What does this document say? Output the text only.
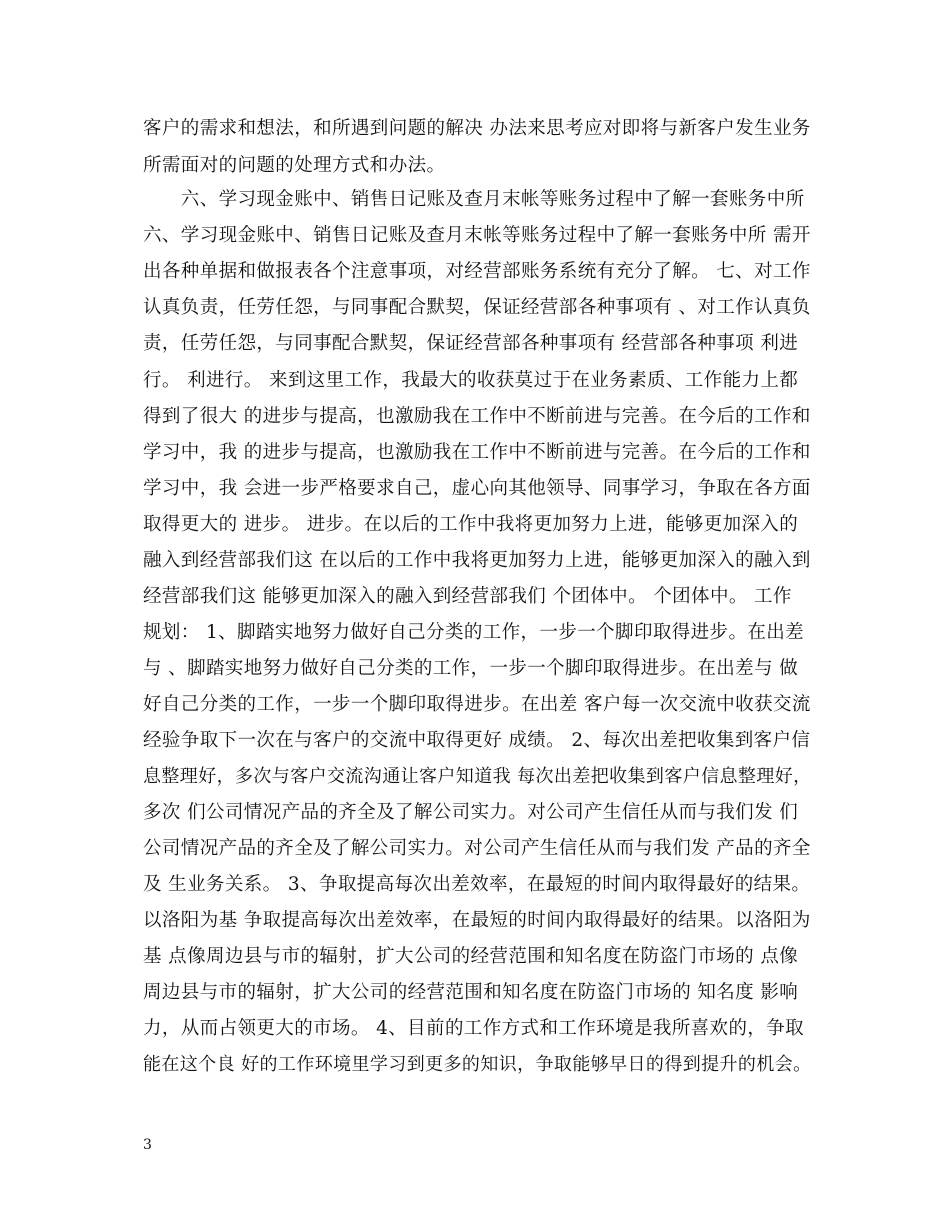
客户的需求和想法，和所遇到问题的解决 办法来思考应对即将与新客户发生业务
所需面对的问题的处理方式和办法。
　　六、学习现金账中、销售日记账及查月末帐等账务过程中了解一套账务中所
六、学习现金账中、销售日记账及查月末帐等账务过程中了解一套账务中所 需开
出各种单据和做报表各个注意事项，对经营部账务系统有充分了解。 七、对工作
认真负责，任劳任怨，与同事配合默契，保证经营部各种事项有 、对工作认真负
责，任劳任怨，与同事配合默契，保证经营部各种事项有 经营部各种事项 利进
行。 利进行。 来到这里工作，我最大的收获莫过于在业务素质、工作能力上都
得到了很大 的进步与提高，也激励我在工作中不断前进与完善。在今后的工作和
学习中，我 的进步与提高，也激励我在工作中不断前进与完善。在今后的工作和
学习中，我 会进一步严格要求自己，虚心向其他领导、同事学习，争取在各方面
取得更大的 进步。 进步。在以后的工作中我将更加努力上进，能够更加深入的
融入到经营部我们这 在以后的工作中我将更加努力上进，能够更加深入的融入到
经营部我们这 能够更加深入的融入到经营部我们 个团体中。 个团体中。 工作
规划： 1、脚踏实地努力做好自己分类的工作，一步一个脚印取得进步。在出差
与 、脚踏实地努力做好自己分类的工作，一步一个脚印取得进步。在出差与 做
好自己分类的工作，一步一个脚印取得进步。在出差 客户每一次交流中收获交流
经验争取下一次在与客户的交流中取得更好 成绩。 2、每次出差把收集到客户信
息整理好，多次与客户交流沟通让客户知道我 每次出差把收集到客户信息整理好，
多次 们公司情况产品的齐全及了解公司实力。对公司产生信任从而与我们发 们
公司情况产品的齐全及了解公司实力。对公司产生信任从而与我们发 产品的齐全
及 生业务关系。 3、争取提高每次出差效率，在最短的时间内取得最好的结果。
以洛阳为基 争取提高每次出差效率，在最短的时间内取得最好的结果。以洛阳为
基 点像周边县与市的辐射，扩大公司的经营范围和知名度在防盗门市场的 点像
周边县与市的辐射，扩大公司的经营范围和知名度在防盗门市场的 知名度 影响
力，从而占领更大的市场。 4、目前的工作方式和工作环境是我所喜欢的，争取
能在这个良 好的工作环境里学习到更多的知识，争取能够早日的得到提升的机会。
3
